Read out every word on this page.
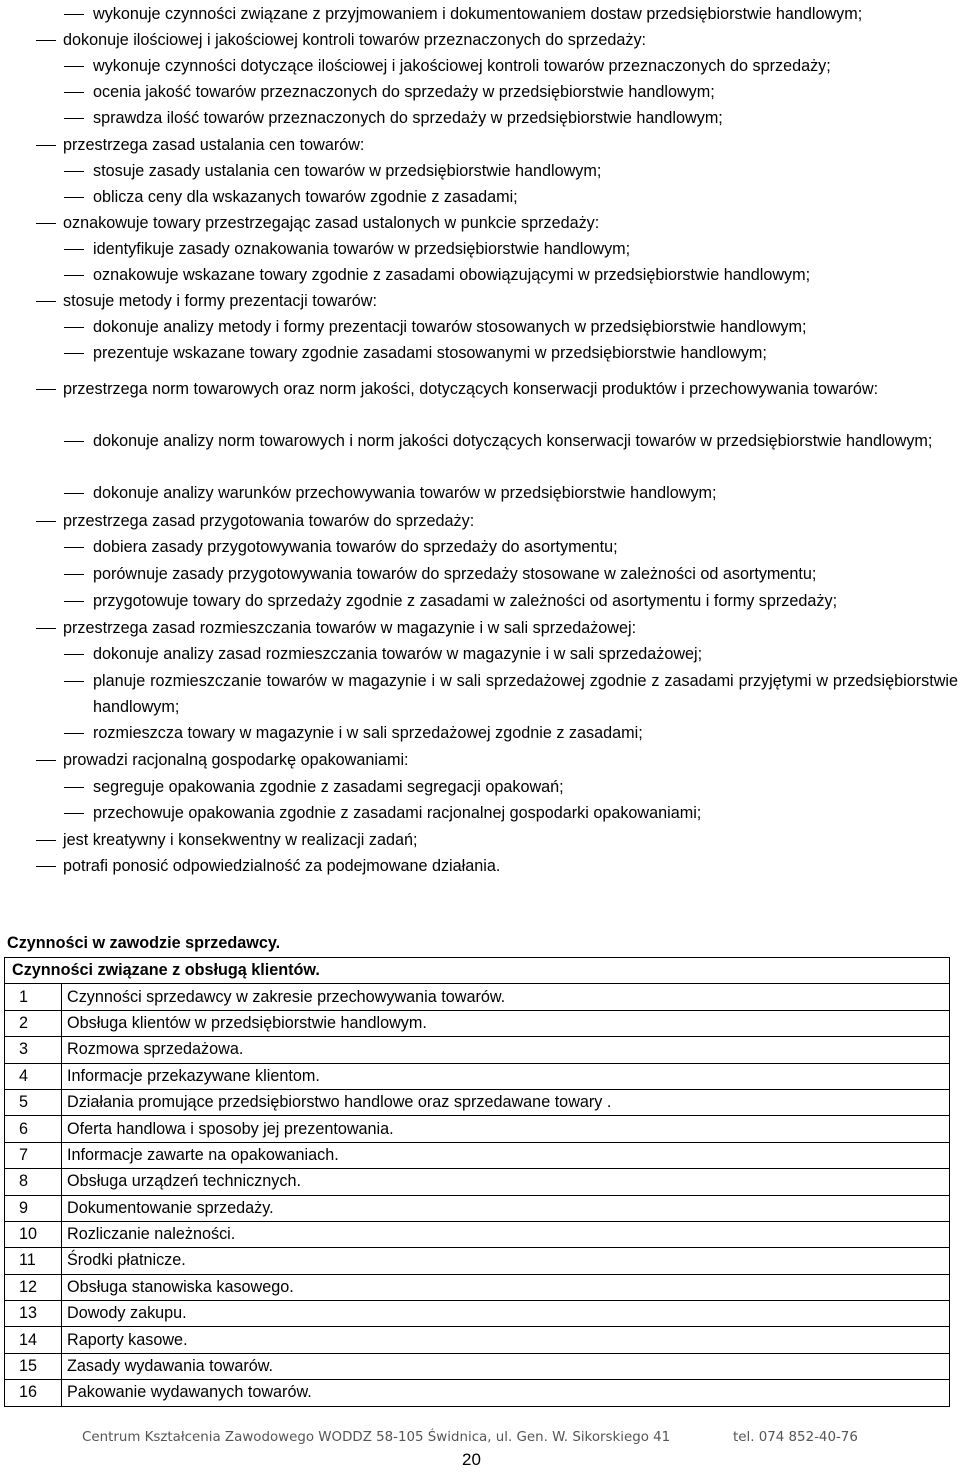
wykonuje czynności związane z przyjmowaniem i dokumentowaniem dostaw przedsiębiorstwie handlowym;
dokonuje ilościowej i jakościowej kontroli towarów przeznaczonych do sprzedaży:
wykonuje czynności dotyczące ilościowej i jakościowej kontroli towarów przeznaczonych do sprzedaży;
ocenia jakość towarów przeznaczonych do sprzedaży w przedsiębiorstwie handlowym;
sprawdza ilość towarów przeznaczonych do sprzedaży w przedsiębiorstwie handlowym;
przestrzega zasad ustalania cen towarów:
stosuje zasady ustalania cen towarów w przedsiębiorstwie handlowym;
oblicza ceny dla wskazanych towarów zgodnie z zasadami;
oznakowuje towary przestrzegając zasad ustalonych w punkcie sprzedaży:
identyfikuje zasady oznakowania towarów w przedsiębiorstwie handlowym;
oznakowuje wskazane towary zgodnie z zasadami obowiązującymi w przedsiębiorstwie handlowym;
stosuje metody i formy prezentacji towarów:
dokonuje analizy metody i formy prezentacji towarów stosowanych w przedsiębiorstwie handlowym;
prezentuje wskazane towary zgodnie zasadami stosowanymi w przedsiębiorstwie handlowym;
przestrzega norm towarowych oraz norm jakości, dotyczących konserwacji produktów i przechowywania towarów:
dokonuje analizy norm towarowych i norm jakości dotyczących konserwacji towarów w przedsiębiorstwie handlowym;
dokonuje analizy warunków przechowywania towarów w przedsiębiorstwie handlowym;
przestrzega zasad przygotowania towarów do sprzedaży:
dobiera zasady przygotowywania towarów do sprzedaży do asortymentu;
porównuje zasady przygotowywania towarów do sprzedaży stosowane w zależności od asortymentu;
przygotowuje towary do sprzedaży zgodnie z zasadami w zależności od asortymentu i formy sprzedaży;
przestrzega zasad rozmieszczania towarów w magazynie i w sali sprzedażowej:
dokonuje analizy zasad rozmieszczania towarów w magazynie i w sali sprzedażowej;
planuje rozmieszczanie towarów w magazynie i w sali sprzedażowej zgodnie z zasadami przyjętymi w przedsiębiorstwie handlowym;
rozmieszcza towary w magazynie i w sali sprzedażowej zgodnie z zasadami;
prowadzi racjonalną gospodarkę opakowaniami:
segreguje opakowania zgodnie z zasadami segregacji opakowań;
przechowuje opakowania zgodnie z zasadami racjonalnej gospodarki opakowaniami;
jest kreatywny i konsekwentny w realizacji zadań;
potrafi ponosić odpowiedzialność za podejmowane działania.
Czynności w zawodzie sprzedawcy.
Czynności związane z obsługą klientów.	
1	Czynności sprzedawcy w zakresie przechowywania towarów.
2	Obsługa klientów w przedsiębiorstwie handlowym.
3	Rozmowa sprzedażowa.
4	Informacje przekazywane klientom.
5	Działania promujące przedsiębiorstwo handlowe oraz sprzedawane towary .
6	Oferta handlowa i sposoby jej prezentowania.
7	Informacje zawarte na opakowaniach.
8	Obsługa urządzeń technicznych.
9	Dokumentowanie sprzedaży.
10	Rozliczanie należności.
11	Środki płatnicze.
12	Obsługa stanowiska kasowego.
13	Dowody zakupu.
14	Raporty kasowe.
15	Zasady wydawania towarów.
16	Pakowanie wydawanych towarów.
Centrum Kształcenia Zawodowego WODDZ 58-105 Świdnica, ul. Gen. W. Sikorskiego 41	tel. 074 852-40-76
20
